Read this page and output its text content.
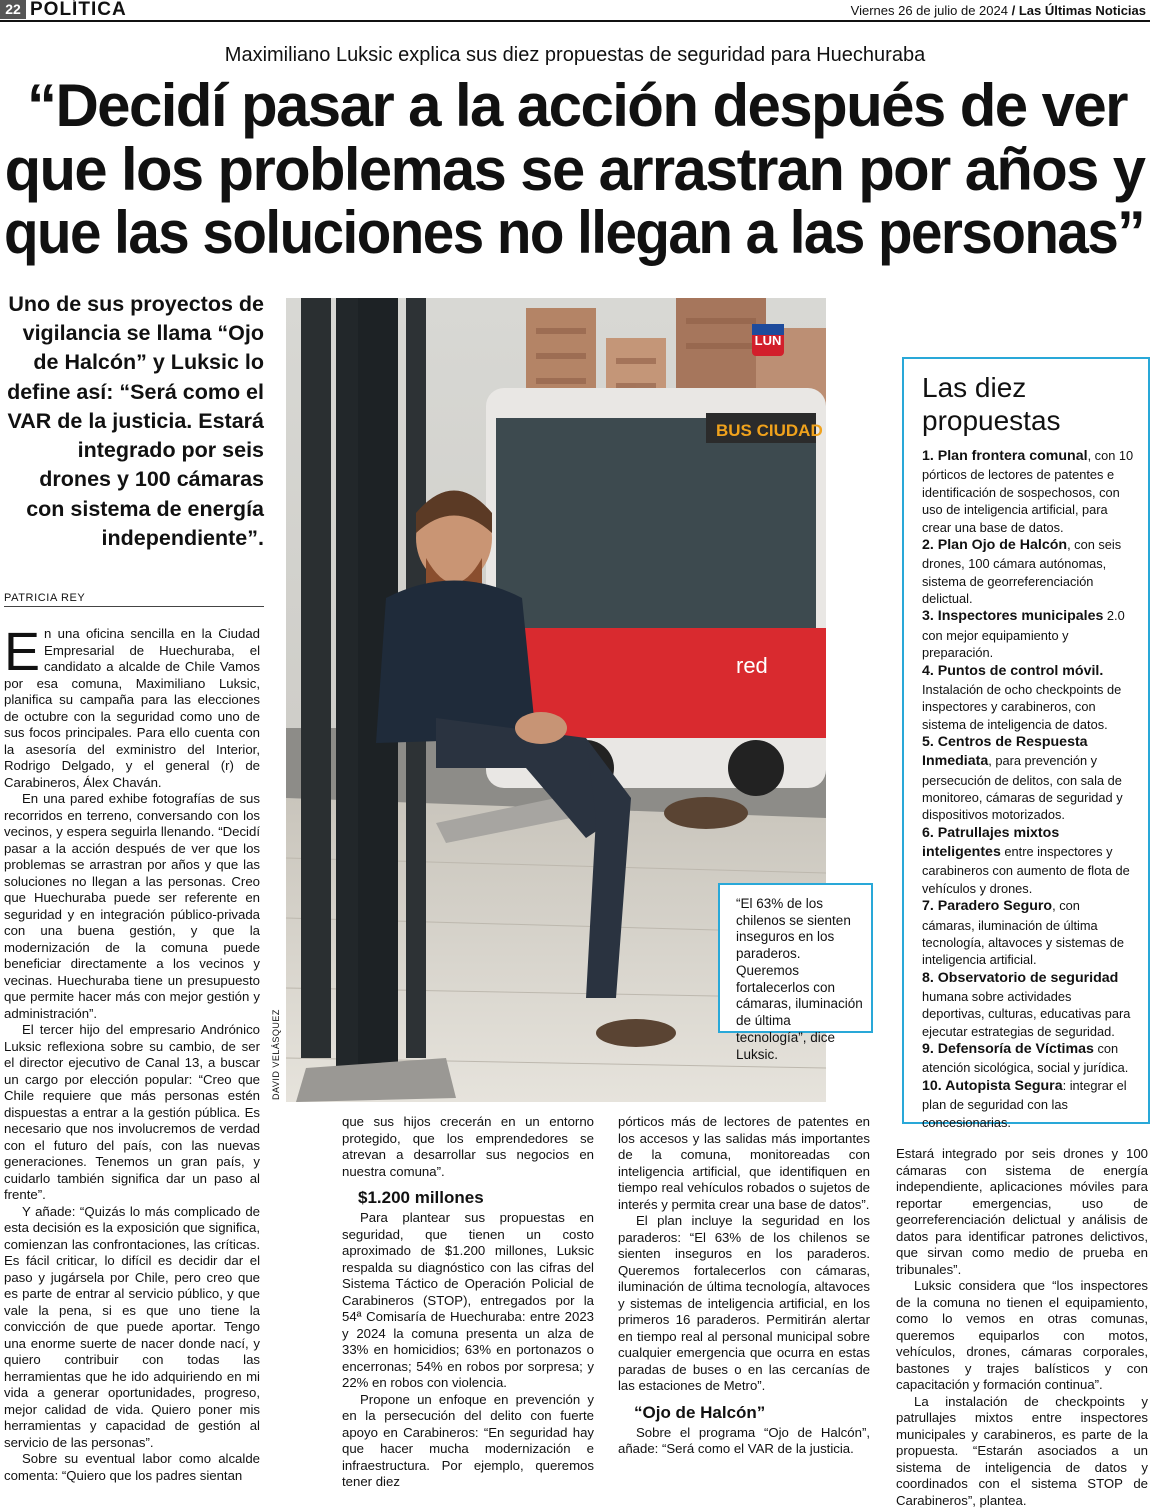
22 POLÍTICA	Viernes 26 de julio de 2024 / Las Últimas Noticias
Maximiliano Luksic explica sus diez propuestas de seguridad para Huechuraba
“Decidí pasar a la acción después de ver
que los problemas se arrastran por años y
que las soluciones no llegan a las personas”
Uno de sus proyectos de vigilancia se llama “Ojo de Halcón” y Luksic lo define así: “Será como el VAR de la justicia. Estará integrado por seis drones y 100 cámaras con sistema de energía independiente”.
PATRICIA REY

En una oficina sencilla en la Ciudad Empresarial de Huechuraba, el candidato a alcalde de Chile Vamos por esa comuna, Maximiliano Luksic, planifica su campaña para las elecciones de octubre con la seguridad como uno de sus focos principales. Para ello cuenta con la asesoría del exministro del Interior, Rodrigo Delgado, y el general (r) de Carabineros, Álex Chaván.

En una pared exhibe fotografías de sus recorridos en terreno, conversando con los vecinos, y espera seguirla llenando. “Decidí pasar a la acción después de ver que los problemas se arrastran por años y que las soluciones no llegan a las personas. Creo que Huechuraba puede ser referente en seguridad y en integración público-privada con una buena gestión, y que la modernización de la comuna puede beneficiar directamente a los vecinos y vecinas. Huechuraba tiene un presupuesto que permite hacer más con mejor gestión y administración”.

El tercer hijo del empresario Andrónico Luksic reflexiona sobre su cambio, de ser el director ejecutivo de Canal 13, a buscar un cargo por elección popular: “Creo que Chile requiere que más personas estén dispuestas a entrar a la gestión pública. Es necesario que nos involucremos de verdad con el futuro del país, con las nuevas generaciones. Tenemos un gran país, y cuidarlo también significa dar un paso al frente”.

Y añade: “Quizás lo más complicado de esta decisión es la exposición que significa, comienzan las confrontaciones, las críticas. Es fácil criticar, lo difícil es decidir dar el paso y jugársela por Chile, pero creo que es parte de entrar al servicio público, y que vale la pena, si es que uno tiene la convicción de que puede aportar. Tengo una enorme suerte de nacer donde nací, y quiero contribuir con todas las herramientas que he ido adquiriendo en mi vida a generar oportunidades, progreso, mejor calidad de vida. Quiero poner mis herramientas y capacidad de gestión al servicio de las personas”.

Sobre su eventual labor como alcalde comenta: “Quiero que los padres sientan

BUS CIUDAD
red
DAVID VELÁSQUEZ
LUN
“El 63% de los chilenos se sienten inseguros en los paraderos. Queremos fortalecerlos con cámaras, iluminación de última tecnología”, dice Luksic.
Las diez propuestas
1. Plan frontera comunal, con 10 pórticos de lectores de patentes e identificación de sospechosos, con uso de inteligencia artificial, para crear una base de datos.
2. Plan Ojo de Halcón, con seis drones, 100 cámara autónomas, sistema de georreferenciación delictual.
3. Inspectores municipales 2.0 con mejor equipamiento y preparación.
4. Puntos de control móvil. Instalación de ocho checkpoints de inspectores y carabineros, con sistema de inteligencia de datos.
5. Centros de Respuesta Inmediata, para prevención y persecución de delitos, con sala de monitoreo, cámaras de seguridad y dispositivos motorizados.
6. Patrullajes mixtos inteligentes entre inspectores y carabineros con aumento de flota de vehículos y drones.
7. Paradero Seguro, con cámaras, iluminación de última tecnología, altavoces y sistemas de inteligencia artificial.
8. Observatorio de seguridad humana sobre actividades deportivas, culturas, educativas para ejecutar estrategias de seguridad.
9. Defensoría de Víctimas con atención sicológica, social y jurídica.
10. Autopista Segura: integrar el plan de seguridad con las concesionarias.

que sus hijos crecerán en un entorno protegido, que los emprendedores se atrevan a desarrollar sus negocios en nuestra comuna”.

$1.200 millones

Para plantear sus propuestas en seguridad, que tienen un costo aproximado de $1.200 millones, Luksic respalda su diagnóstico con las cifras del Sistema Táctico de Operación Policial de Carabineros (STOP), entregados por la 54ª Comisaría de Huechuraba: entre 2023 y 2024 la comuna presenta un alza de 33% en homicidios; 63% en portonazos o encerronas; 54% en robos por sorpresa; y 22% en robos con violencia.

Propone un enfoque en prevención y en la persecución del delito con fuerte apoyo en Carabineros: “En seguridad hay que hacer mucha modernización e infraestructura. Por ejemplo, queremos tener diez

pórticos más de lectores de patentes en los accesos y las salidas más importantes de la comuna, monitoreadas con inteligencia artificial, que identifiquen en tiempo real vehículos robados o sujetos de interés y permita crear una base de datos”.

El plan incluye la seguridad en los paraderos: “El 63% de los chilenos se sienten inseguros en los paraderos. Queremos fortalecerlos con cámaras, iluminación de última tecnología, altavoces y sistemas de inteligencia artificial, en los primeros 16 paraderos. Permitirán alertar en tiempo real al personal municipal sobre cualquier emergencia que ocurra en estas paradas de buses o en las cercanías de las estaciones de Metro”.

“Ojo de Halcón”

Sobre el programa “Ojo de Halcón”, añade: “Será como el VAR de la justicia.

Estará integrado por seis drones y 100 cámaras con sistema de energía independiente, aplicaciones móviles para reportar emergencias, uso de georreferenciación delictual y análisis de datos para identificar patrones delictivos, que sirvan como medio de prueba en tribunales”.

Luksic considera que “los inspectores de la comuna no tienen el equipamiento, como lo vemos en otras comunas, queremos equiparlos con motos, vehículos, drones, cámaras corporales, bastones y trajes balísticos y con capacitación y formación continua”.

La instalación de checkpoints y patrullajes mixtos entre inspectores municipales y carabineros, es parte de la propuesta. “Estarán asociados a un sistema de inteligencia de datos y coordinados con el sistema STOP de Carabineros”, plantea.
